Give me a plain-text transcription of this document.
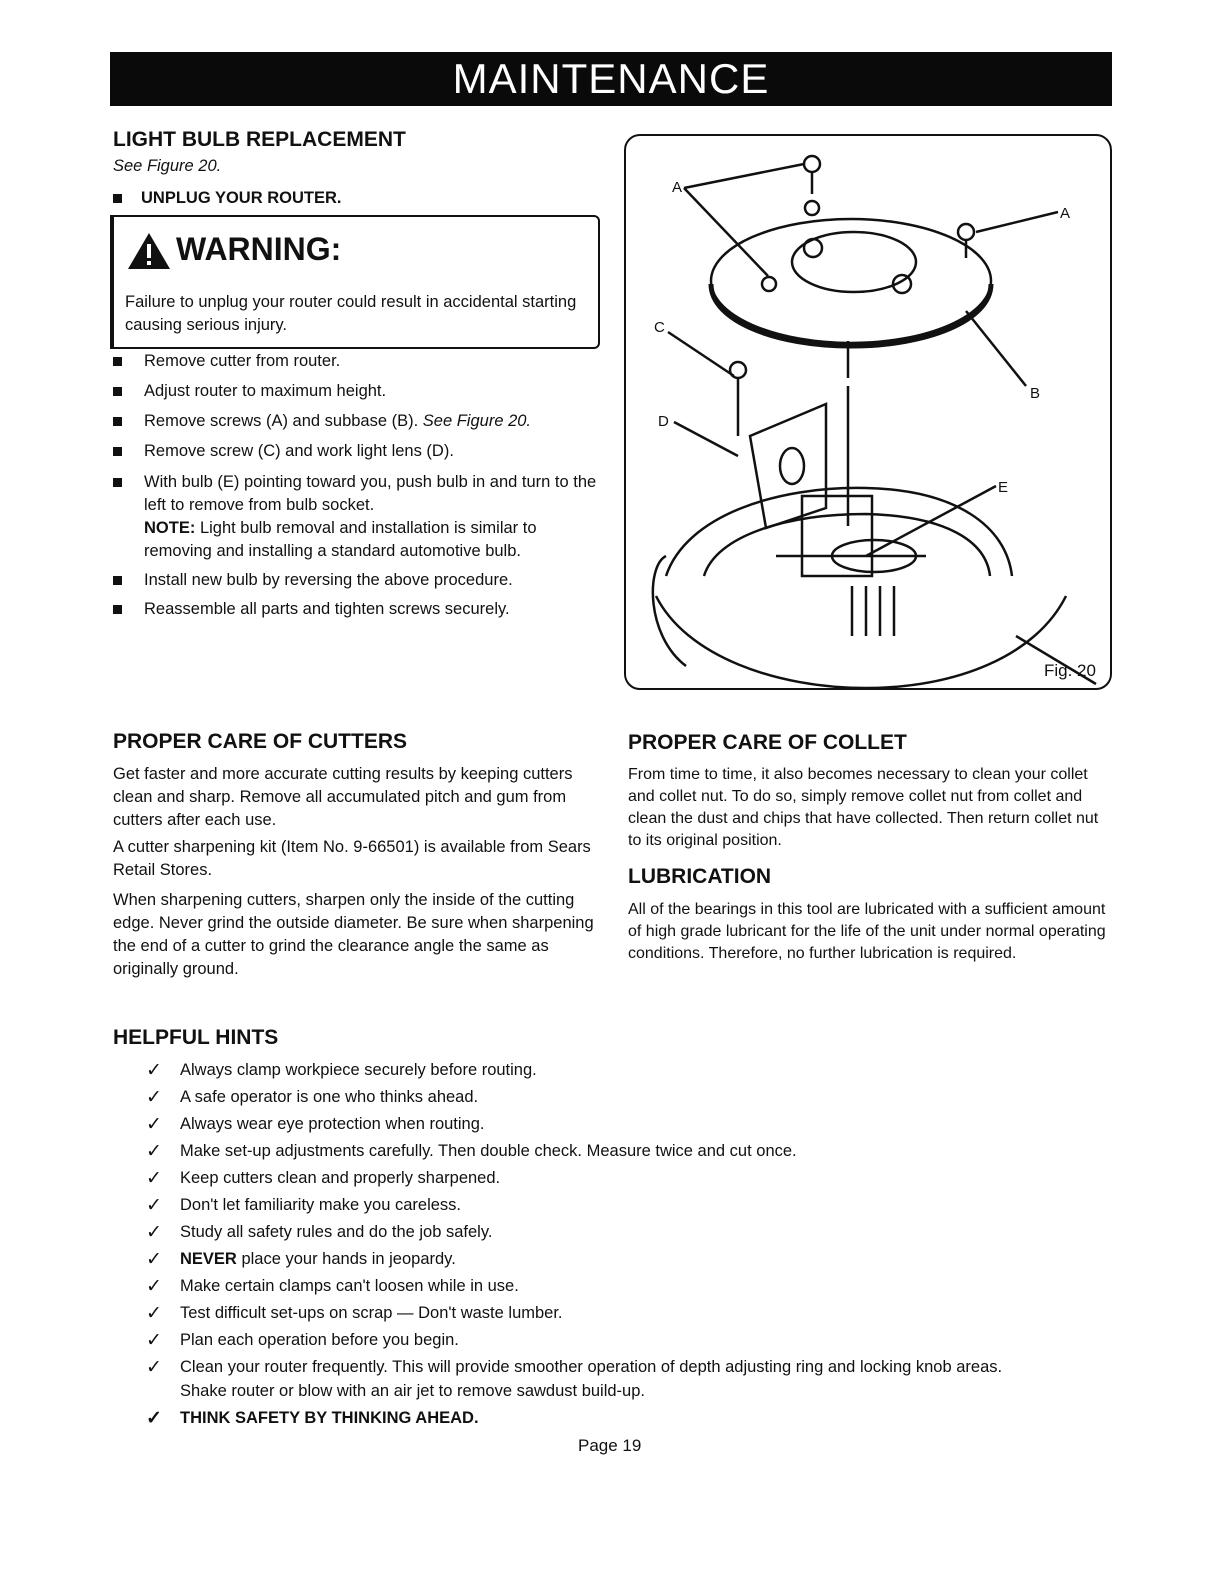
MAINTENANCE
LIGHT BULB REPLACEMENT
See Figure 20.
UNPLUG YOUR ROUTER.
WARNING:
Failure to unplug your router could result in accidental starting causing serious injury.
Remove cutter from router.
Adjust router to maximum height.
Remove screws (A) and subbase (B). See Figure 20.
Remove screw (C) and work light lens (D).
With bulb (E) pointing toward you, push bulb in and turn to the left to remove from bulb socket.
NOTE: Light bulb removal and installation is similar to removing and installing a standard automotive bulb.
Install new bulb by reversing the above procedure.
Reassemble all parts and tighten screws securely.
A
A
B
C
D
E
Fig. 20
PROPER CARE OF CUTTERS
Get faster and more accurate cutting results by keeping cutters clean and sharp. Remove all accumulated pitch and gum from cutters after each use.
A cutter sharpening kit (Item No. 9-66501) is available from Sears Retail Stores.
When sharpening cutters, sharpen only the inside of the cutting edge. Never grind the outside diameter. Be sure when sharpening the end of a cutter to grind the clearance angle the same as originally ground.
PROPER CARE OF COLLET
From time to time, it also becomes necessary to clean your collet and collet nut. To do so, simply remove collet nut from collet and clean the dust and chips that have collected. Then return collet nut to its original position.
LUBRICATION
All of the bearings in this tool are lubricated with a sufficient amount of high grade lubricant for the life of the unit under normal operating conditions. Therefore, no further lubrication is required.
HELPFUL HINTS
✓ Always clamp workpiece securely before routing.
✓ A safe operator is one who thinks ahead.
✓ Always wear eye protection when routing.
✓ Make set-up adjustments carefully. Then double check. Measure twice and cut once.
✓ Keep cutters clean and properly sharpened.
✓ Don't let familiarity make you careless.
✓ Study all safety rules and do the job safely.
✓ NEVER place your hands in jeopardy.
✓ Make certain clamps can't loosen while in use.
✓ Test difficult set-ups on scrap — Don't waste lumber.
✓ Plan each operation before you begin.
✓ Clean your router frequently. This will provide smoother operation of depth adjusting ring and locking knob areas.
Shake router or blow with an air jet to remove sawdust build-up.
✓ THINK SAFETY BY THINKING AHEAD.
Page 19
